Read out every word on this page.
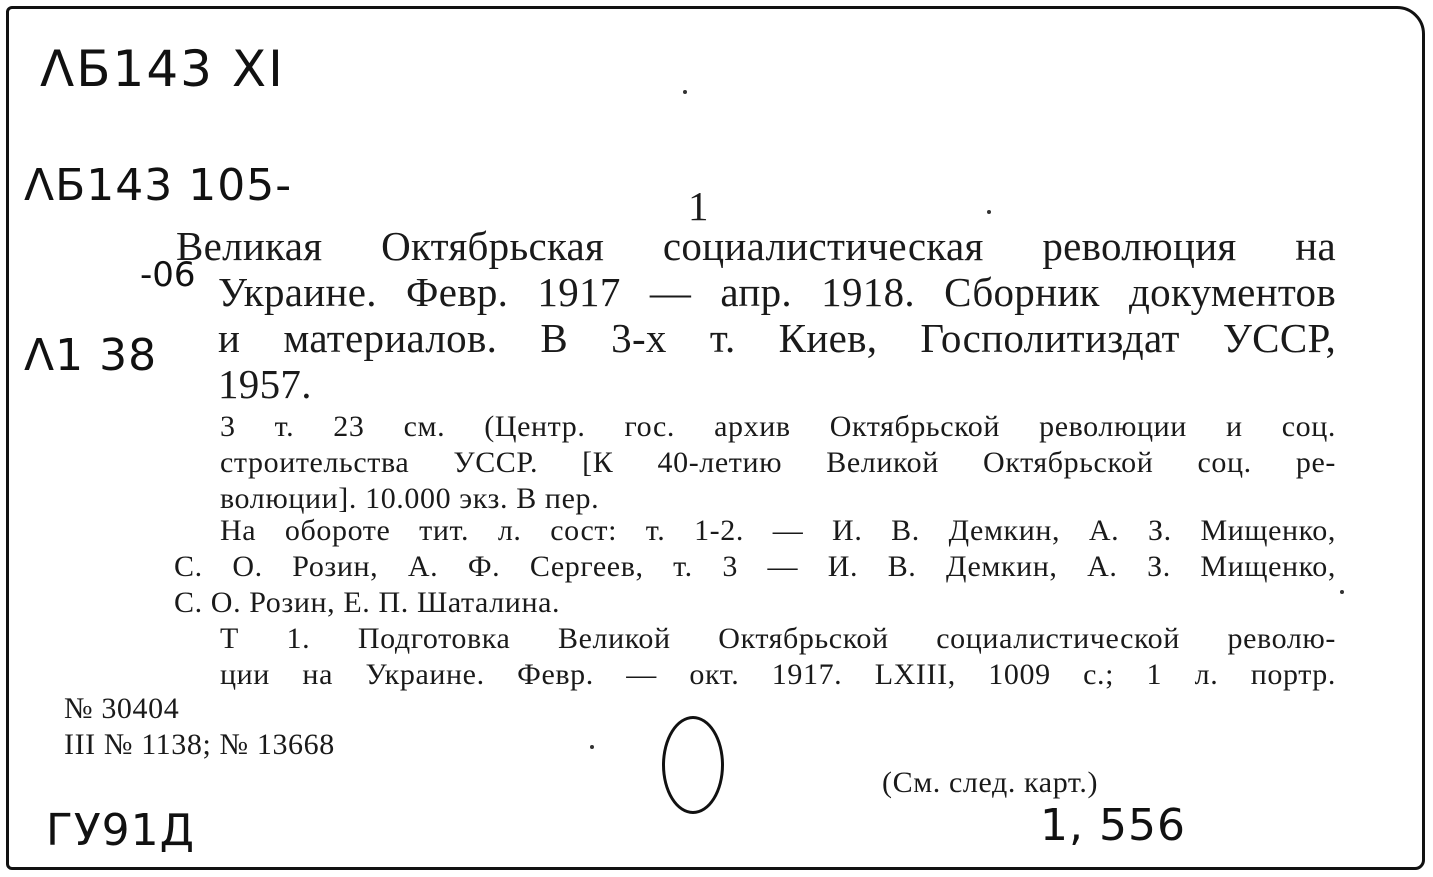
ΛБ143 XI
ΛБ143 105-
-06
Λ1 38
ГУ91Д	1, 556
1
Великая Октябрьская социалистическая революция на
Украине. Февр. 1917 — апр. 1918. Сборник документов
и материалов. В 3-х т. Киев, Госполитиздат УССР,
1957.
3 т. 23 см. (Центр. гос. архив Октябрьской революции и соц.
строительства УССР. [К 40-летию Великой Октябрьской соц. ре-
волюции]. 10.000 экз. В пер.
На обороте тит. л. сост: т. 1-2. — И. В. Демкин, А. З. Мищенко,
С. О. Розин, А. Ф. Сергеев, т. 3 — И. В. Демкин, А. З. Мищенко,
С. О. Розин, Е. П. Шаталина.
Т 1. Подготовка Великой Октябрьской социалистической револю-
ции на Украине. Февр. — окт. 1917. LXIII, 1009 с.; 1 л. портр.
№ 30404
III № 1138; № 13668
(См. след. карт.)
